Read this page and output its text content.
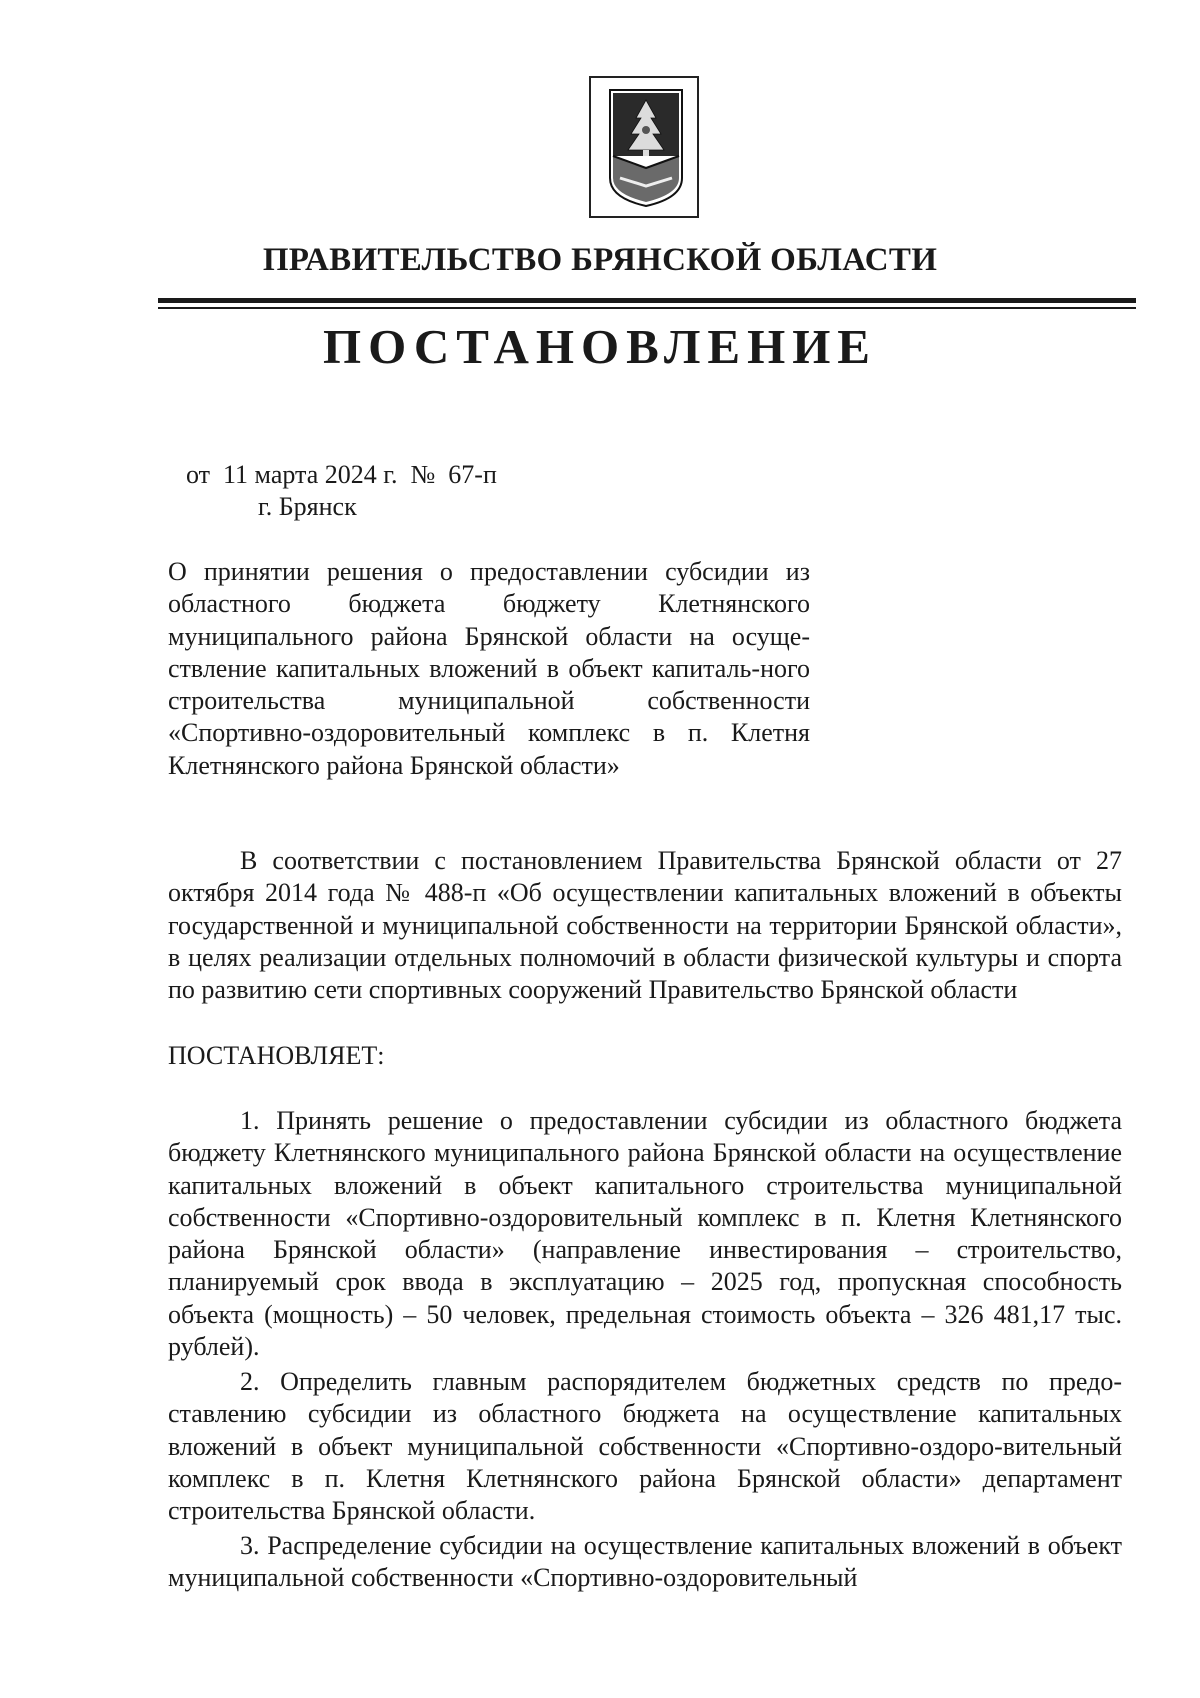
ПРАВИТЕЛЬСТВО БРЯНСКОЙ ОБЛАСТИ
ПОСТАНОВЛЕНИЕ
от  11 марта 2024 г.  №  67-п
г. Брянск

О принятии решения о предоставлении субсидии из областного бюджета бюджету Клетнянского муниципального района Брянской области на осуще-ствление капитальных вложений в объект капиталь-ного строительства муниципальной собственности «Спортивно-оздоровительный комплекс в п. Клетня Клетнянского района Брянской области»

В соответствии с постановлением Правительства Брянской области от 27 октября 2014 года № 488-п «Об осуществлении капитальных вложений в объекты государственной и муниципальной собственности на территории Брянской области», в целях реализации отдельных полномочий в области физической культуры и спорта по развитию сети спортивных сооружений Правительство Брянской области

ПОСТАНОВЛЯЕТ:

1. Принять решение о предоставлении субсидии из областного бюджета бюджету Клетнянского муниципального района Брянской области на осуществление капитальных вложений в объект капитального строительства муниципальной собственности «Спортивно-оздоровительный комплекс в п. Клетня Клетнянского района Брянской области» (направление инвестирования – строительство, планируемый срок ввода в эксплуатацию – 2025 год, пропускная способность объекта (мощность) – 50 человек, предельная стоимость объекта – 326 481,17 тыс. рублей).

2. Определить главным распорядителем бюджетных средств по предо-ставлению субсидии из областного бюджета на осуществление капитальных вложений в объект муниципальной собственности «Спортивно-оздоро-вительный комплекс в п. Клетня Клетнянского района Брянской области» департамент строительства Брянской области.

3. Распределение субсидии на осуществление капитальных вложений в объект муниципальной собственности «Спортивно-оздоровительный
